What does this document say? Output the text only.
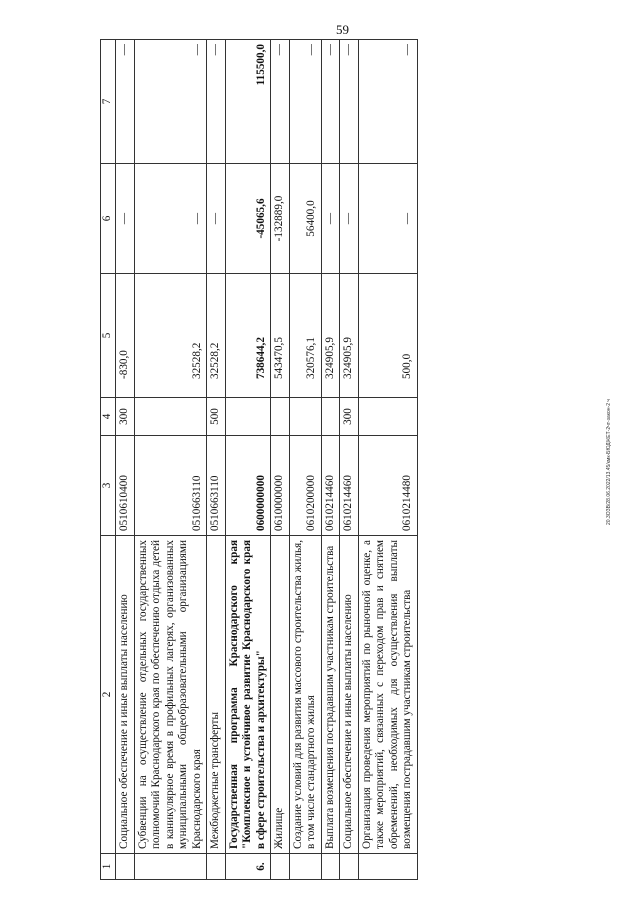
59
20.3ОЗВ/28.06.2022/13.45/кмк-БЮДЖЕТ-2чт-закон-2 ч
1	2	3	4	5	6	7
	Социальное обеспечение и иные выплаты населению	0510610400	300	-830,0	—	—
	Субвенции на осуществление отдельных государственных полномочий Краснодарского края по обеспечению отдыха детей в каникулярное время в профильных лагерях, организованных муниципальными общеобразовательными организациями Краснодарского края	0510663110		32528,2	—	—
	Межбюджетные трансферты	0510663110	500	32528,2	—	—
6.	Государственная программа Краснодарского края "Комплексное и устойчивое развитие Краснодарского края в сфере строительства и архитектуры"	0600000000		738644,2	-45065,6	115500,0
	Жилище	0610000000		543470,5	-132889,0	—
	Создание условий для развития массового строительства жилья, в том числе стандартного жилья	0610200000		320576,1	56400,0	—
	Выплата возмещения пострадавшим участникам строительства	0610214460		324905,9	—	—
	Социальное обеспечение и иные выплаты населению	0610214460	300	324905,9	—	—
	Организация проведения мероприятий по рыночной оценке, а также мероприятий, связанных с переходом прав и снятием обременений, необходимых для осуществления выплаты возмещения пострадавшим участникам строительства	0610214480		500,0	—	—
